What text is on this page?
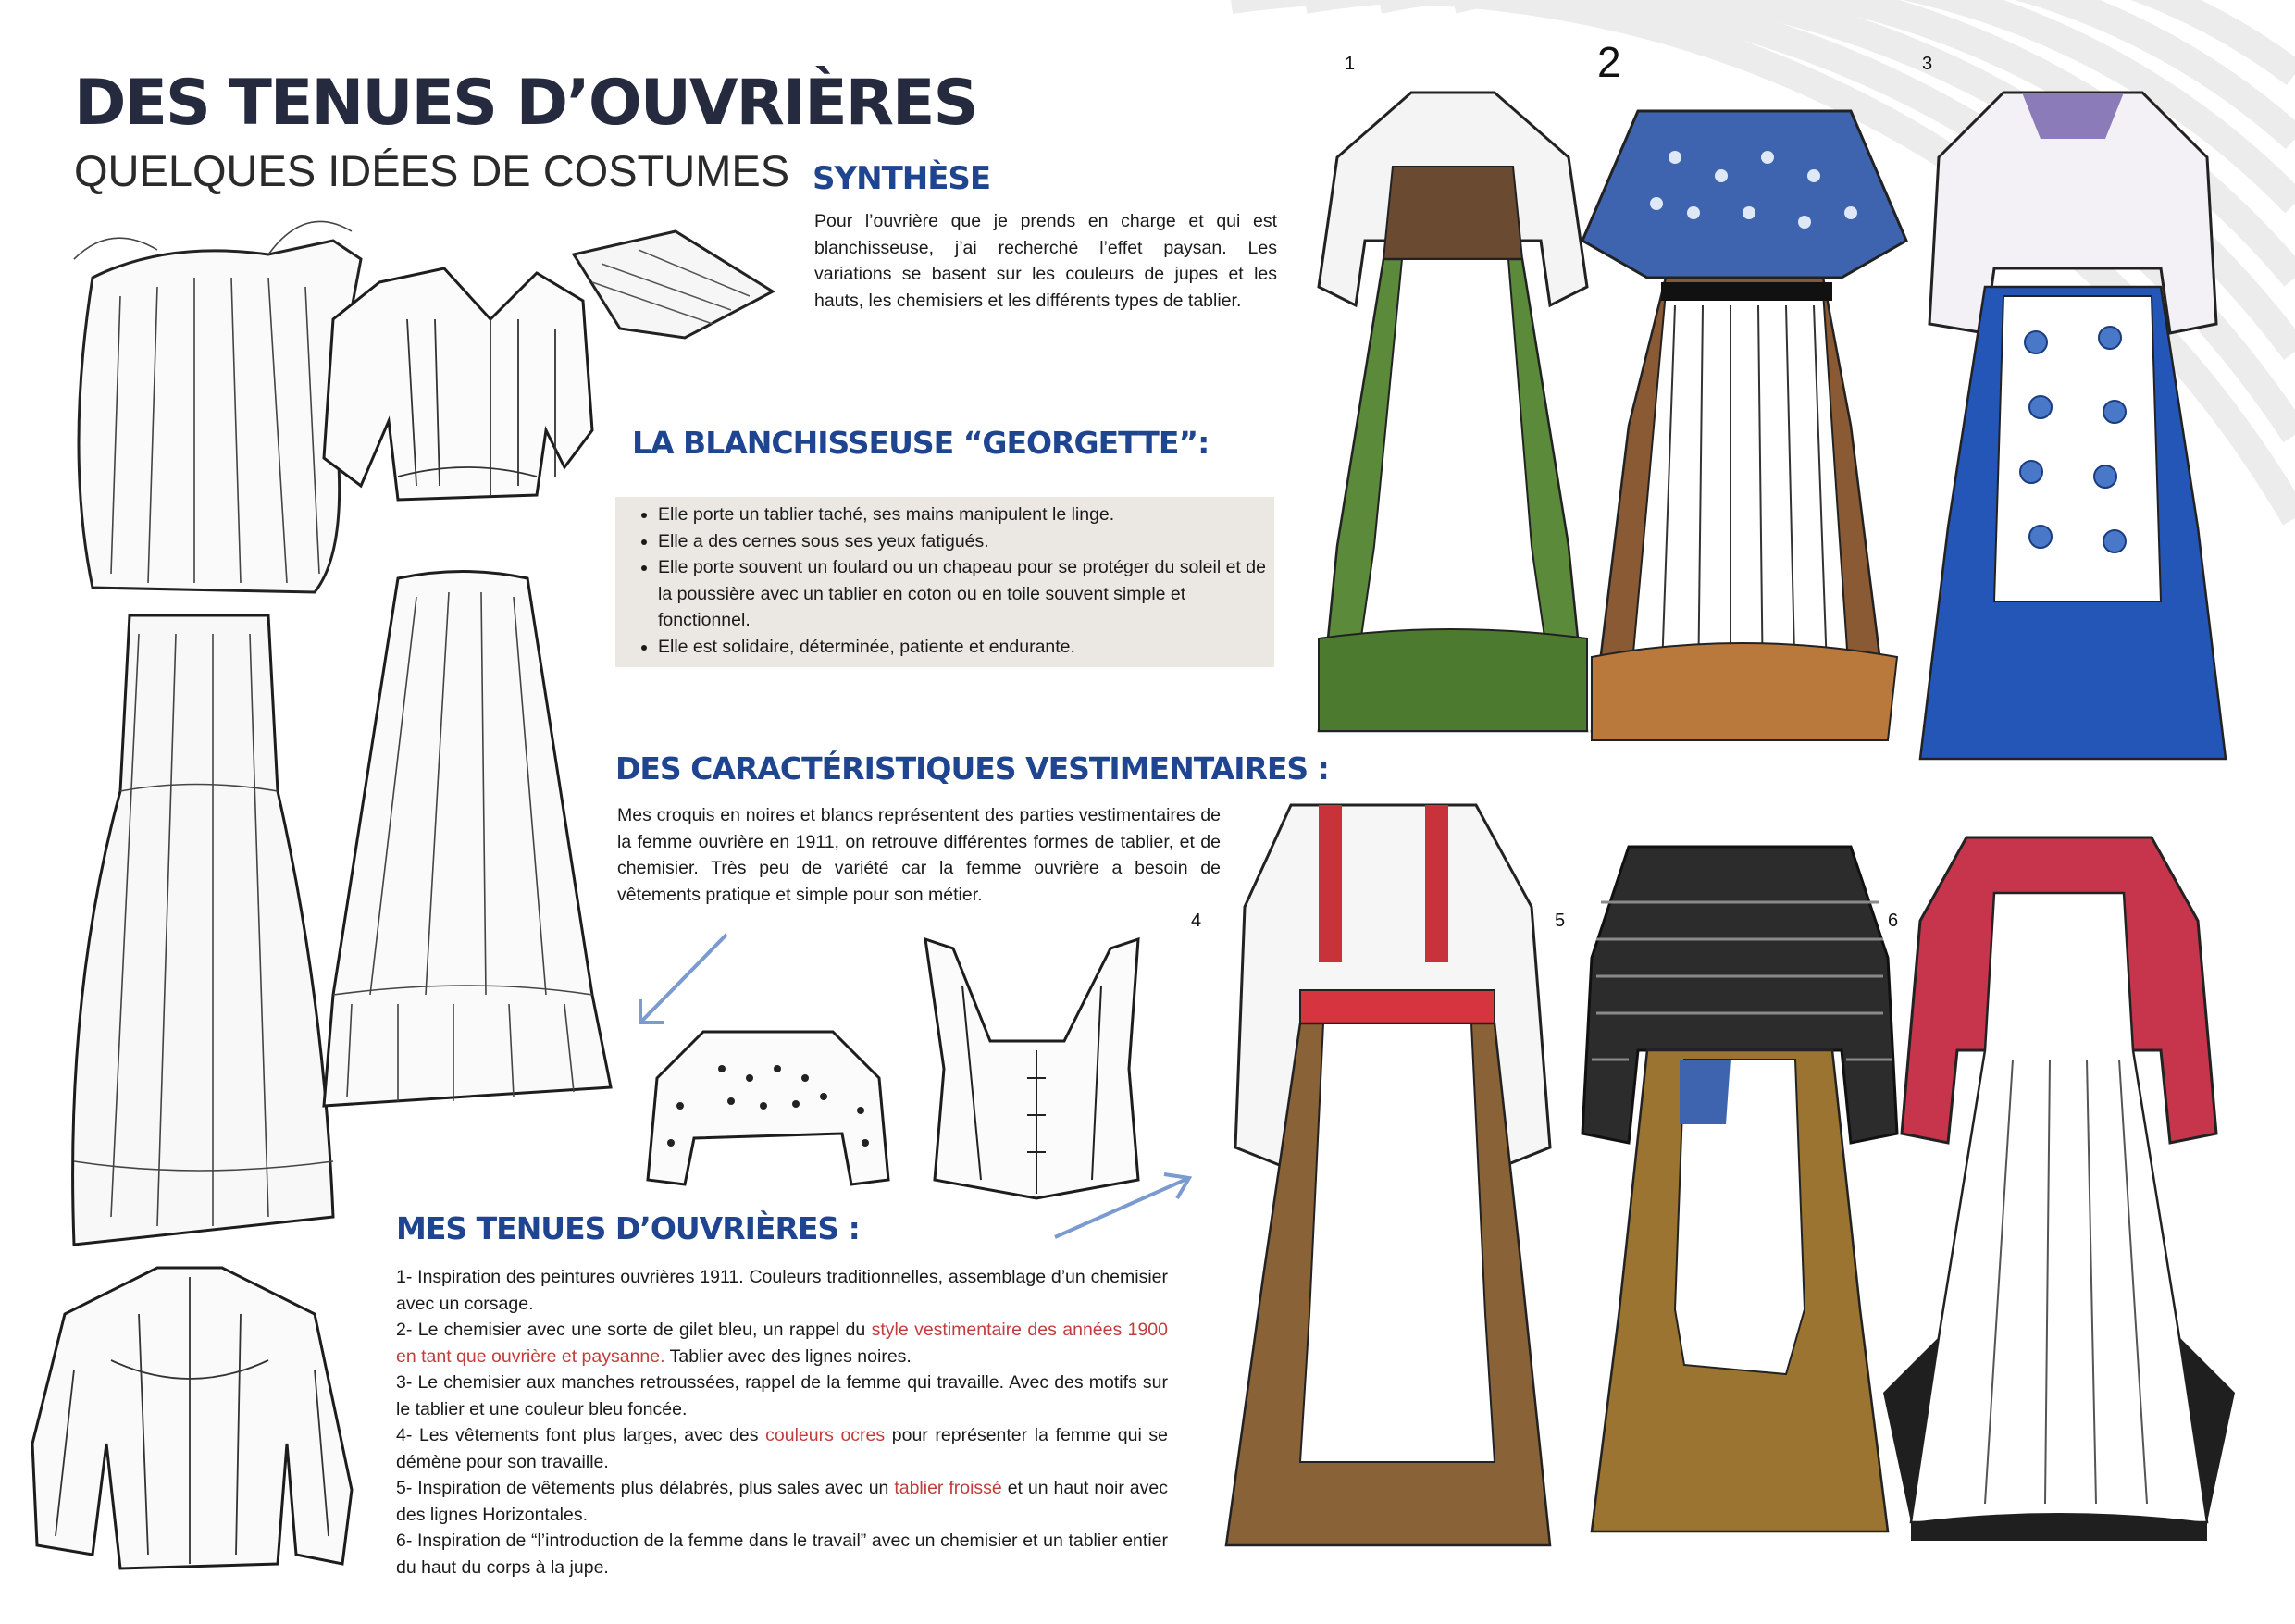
DES TENUES D’OUVRIÈRES
QUELQUES IDÉES DE COSTUMES SYNTHÈSE
Pour l’ouvrière que je prends en charge et qui est blanchisseuse, j’ai recherché l’effet paysan. Les variations se basent sur les couleurs de jupes et les hauts, les chemisiers et les différents types de tablier.
LA BLANCHISSEUSE “GEORGETTE”:
• Elle porte un tablier taché, ses mains manipulent le linge.
• Elle a des cernes sous ses yeux fatigués.
• Elle porte souvent un foulard ou un chapeau pour se protéger du soleil et de la poussière avec un tablier en coton ou en toile souvent simple et fonctionnel.
• Elle est solidaire, déterminée, patiente et endurante.
DES CARACTÉRISTIQUES VESTIMENTAIRES :
Mes croquis en noires et blancs représentent des parties vestimentaires de la femme ouvrière en 1911, on retrouve différentes formes de tablier, et de chemisier. Très peu de variété car la femme ouvrière a besoin de vêtements pratique et simple pour son métier.
MES TENUES D’OUVRIÈRES :
1- Inspiration des peintures ouvrières 1911. Couleurs traditionnelles, assemblage d’un chemisier avec un corsage.
2- Le chemisier avec une sorte de gilet bleu, un rappel du style vestimentaire des années 1900 en tant que ouvrière et paysanne. Tablier avec des lignes noires.
3- Le chemisier aux manches retroussées, rappel de la femme qui travaille. Avec des motifs sur le tablier et une couleur bleu foncée.
4- Les vêtements font plus larges, avec des couleurs ocres pour représenter la femme qui se démène pour son travaille.
5- Inspiration de vêtements plus délabrés, plus sales avec un tablier froissé et un haut noir avec des lignes Horizontales.
6- Inspiration de “l’introduction de la femme dans le travail” avec un chemisier et un tablier entier du haut du corps à la jupe.
1	2	3
4	5	6
